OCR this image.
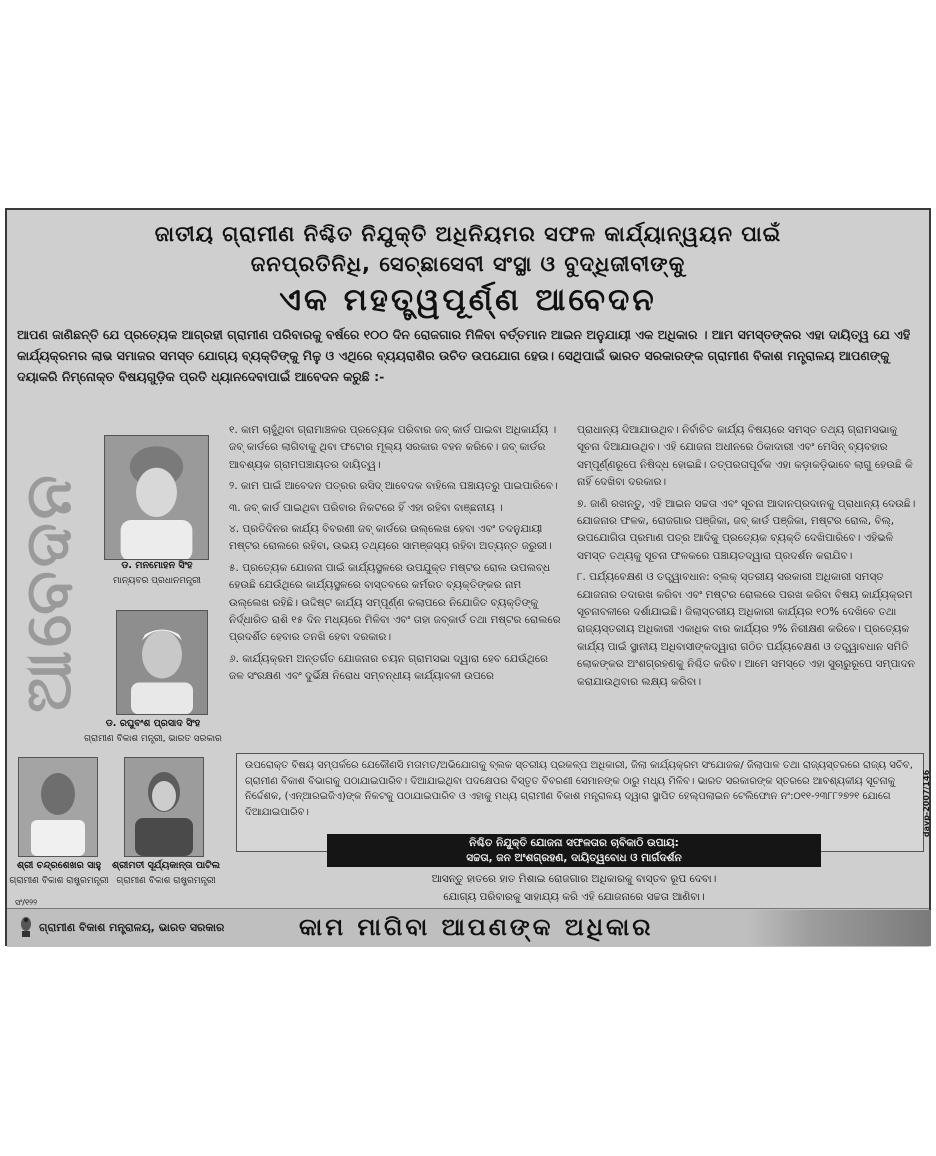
ଜାତୀୟ ଗ୍ରାମୀଣ ନିଶ୍ଚିତ ନିଯୁକ୍ତି ଅଧିନିୟମର ସଫଳ କାର୍ଯ୍ୟାନ୍ୱୟନ ପାଇଁ
ଜନପ୍ରତିନିଧି, ସେଚ୍ଛାସେବୀ ସଂସ୍ଥା ଓ ବୁଦ୍ଧିଜୀବୀଙ୍କୁ
ଏକ ମହତ୍ତ୍ୱପୂର୍ଣ୍ଣ ଆବେଦନ
ଆପଣ ଜାଣିଛନ୍ତି ଯେ ପ୍ରତ୍ୟେକ ଆଗ୍ରହୀ ଗ୍ରାମୀଣ ପରିବାରକୁ ବର୍ଷରେ ୧୦୦ ଦିନ ରୋଜଗାର ମିଳିବା ବର୍ତ୍ତମାନ ଆଇନ ଅନୁଯାୟୀ ଏକ ଅଧିକାର । ଆମ ସମସ୍ତଙ୍କର ଏହା ଦାୟିତ୍ୱ ଯେ ଏହି କାର୍ଯ୍ୟକ୍ରମର ଲାଭ ସମାଜର ସମସ୍ତ ଯୋଗ୍ୟ ବ୍ୟକ୍ତିଙ୍କୁ ମିଳୁ ଓ ଏଥିରେ ବ୍ୟୟରାଶିର ଉଚିତ ଉପଯୋଗ ହେଉ। ସେଥିପାଇଁ ଭାରତ ସରକାରଙ୍କ ଗ୍ରାମୀଣ ବିକାଶ ମନ୍ତ୍ରାଳୟ ଆପଣଙ୍କୁ ଦୟାକରି ନିମ୍ନୋକ୍ତ ବିଷୟଗୁଡ଼ିକ ପ୍ରତି ଧ୍ୟାନଦେବାପାଇଁ ଆବେଦନ କରୁଛି :-
ଆବେଦନ	ଡ. ମନମୋହନ ସିଂହ
ମାନ୍ୟବର ପ୍ରଧାନମନ୍ତ୍ରୀ
ଡ. ରଘୁବଂଶ ପ୍ରସାଦ ସିଂହ
ଗ୍ରାମୀଣ ବିକାଶ ମନ୍ତ୍ରୀ, ଭାରତ ସରକାର
ଶ୍ରୀ ଚନ୍ଦ୍ରଶେଖର ସାହୁ
ଗ୍ରାମୀଣ ବିକାଶ ରାଷ୍ଟ୍ରମନ୍ତ୍ରୀ
ଶ୍ରୀମତୀ ସୂର୍ଯ୍ୟକାନ୍ତା ପାଟିଲ
ଗ୍ରାମୀଣ ବିକାଶ ରାଷ୍ଟ୍ରମନ୍ତ୍ରୀ

୧. କାମ ଚାହୁଁଥିବା ଗ୍ରାମାଞ୍ଚଳର ପ୍ରତ୍ୟେକ ପରିବାର ଜବ୍ କାର୍ଡ ପାଇବା ଅଧିକାର୍ଯ୍ୟ । ଜବ୍ କାର୍ଡରେ ଲାଗିବାକୁ ଥିବା ଫଟୋର ମୂଲ୍ୟ ସରକାର ବହନ କରିବେ। ଜବ୍ କାର୍ଡର ଆବଶ୍ୟକ ଗ୍ରାମପଞ୍ଚାୟତର ଦାୟିତ୍ୱ।

୨. କାମ ପାଇଁ ଆବେଦନ ପତ୍ରର ରସିଦ୍ ଆବେଦକ ବାହିଲେ ପଞ୍ଚାୟତରୁ ପାଇପାରିବେ।

୩. ଜବ୍ କାର୍ଡ ପାଇଥିବା ପରିବାର ନିକଟରେ ହିଁ ଏହା ରହିବା ବାଞ୍ଛନୀୟ ।

୪. ପ୍ରତିଦିନର କାର୍ଯ୍ୟ ବିବରଣୀ ଜବ୍ କାର୍ଡରେ ଉଲ୍ଲେଖ ହେବା ଏବଂ ତଦନୁଯାୟୀ ମଷ୍ଟର ରୋଲରେ ରହିବା, ଉଭୟ ତଥ୍ୟରେ ସାମଞ୍ଜସ୍ୟ ରହିବା ଅତ୍ୟନ୍ତ ଜରୁରୀ।

୫. ପ୍ରତ୍ୟେକ ଯୋଜନା ପାଇଁ କାର୍ଯ୍ୟସ୍ଥଳରେ ଉପଯୁକ୍ତ ମଷ୍ଟର ରୋଲ ଉପଲବ୍ଧ ହେଉଛି ଯେଉଁଥିରେ କାର୍ଯ୍ୟସ୍ଥଳରେ ବାସ୍ତବରେ କର୍ମରତ ବ୍ୟକ୍ତିଙ୍କର ନାମ ଉଲ୍ଲେଖ ରହିଛି। ଉଦ୍ଦିଷ୍ଟ କାର୍ଯ୍ୟ ସମ୍ପୂର୍ଣ୍ଣ କଲାପରେ ନିଯୋଜିତ ବ୍ୟକ୍ତିଙ୍କୁ ନିର୍ଦ୍ଧାରିତ ରାଶି ୧୫ ଦିନ ମଧ୍ୟରେ ମିଳିବା ଏବଂ ତାହା ଜବ୍‌କାର୍ଡ ତଥା ମଷ୍ଟର ରୋଲରେ ପ୍ରଦର୍ଶିତ ହେବାର ତନଖି ହେବା ଦରକାର।

୬. କାର୍ଯ୍ୟକ୍ରମ ଅନ୍ତର୍ଗତ ଯୋଜନାର ଚୟନ ଗ୍ରାମସଭା ଦ୍ୱାରା ହେବ ଯେଉଁଥିରେ ଜଳ ସଂରକ୍ଷଣ ଏବଂ ଦୁର୍ଭିକ୍ଷ ନିରୋଧ ସମ୍ବନ୍ଧୀୟ କାର୍ଯ୍ୟାବଳୀ ଉପରେ

ପ୍ରାଧାନ୍ୟ ଦିଆଯାଉଥିବ। ନିର୍ବାଚିତ କାର୍ଯ୍ୟ ବିଷୟରେ ସମସ୍ତ ତଥ୍ୟ ଗ୍ରାମସଭାକୁ ସୂଚନା ଦିଆଯାଉଥିବ। ଏହି ଯୋଜନା ଅଧୀନରେ ଠିକାଦାରୀ ଏବଂ ମେସିନ୍ ବ୍ୟବହାର ସମ୍ପୂର୍ଣ୍ଣରୂପେ ନିଷିଦ୍ଧ ହୋଇଛି। ତତ୍ପରତାପୂର୍ବକ ଏହା କଡ଼ାକଡ଼ିଭାବେ ଲାଗୁ ହେଉଛି କି ନାହିଁ ଦେଖିବା ଦରକାର।

୭. ଜାଣି ରଖନ୍ତୁ, ଏହି ଆଇନ ସଚ୍ଚତା ଏବଂ ସୂଚନା ଆଦାନପ୍ରଦାନକୁ ପ୍ରାଧାନ୍ୟ ଦେଉଛି। ଯୋଜନାର ଫଳକ, ରୋଜଗାର ପଞ୍ଜିକା, ଜବ୍ କାର୍ଡ ପଞ୍ଜିକା, ମଷ୍ଟର ରୋଲ, ବିଲ୍, ଉପଯୋଗିତା ପ୍ରମାଣ ପତ୍ର ଆଦିକୁ ପ୍ରତ୍ୟେକ ବ୍ୟକ୍ତି ଦେଖିପାରିବେ। ଏହିଭଳି ସମସ୍ତ ତଥ୍ୟକୁ ସୂଚନା ଫଳକରେ ପଞ୍ଚାୟତଦ୍ୱାରା ପ୍ରଦର୍ଶନ କରାଯିବ।

୮. ପର୍ଯ୍ୟବେକ୍ଷଣ ଓ ତତ୍ତ୍ୱାବଧାନ: ବ୍ଲକ୍ ସ୍ତରୀୟ ସରକାରୀ ଅଧିକାରୀ ସମସ୍ତ ଯୋଜନାର ତଦାରଖ କରିବା ଏବଂ ମଷ୍ଟର ରୋଲରେ ପରଖ କରିବା ବିଷୟ କାର୍ଯ୍ୟକ୍ରମ ସୂଚନାବଳୀରେ ଦର୍ଶାଯାଇଛି। ଜିଲାସ୍ତରୀୟ ଅଧିକାରୀ କାର୍ଯ୍ୟର ୧୦% ଦେଖିବେ ତଥା ରାଜ୍ୟସ୍ତରୀୟ ଅଧିକାରୀ ଏକାଧିକ ବାର କାର୍ଯ୍ୟର ୨% ନିରୀକ୍ଷଣ କରିବେ। ପ୍ରତ୍ୟେକ କାର୍ଯ୍ୟ ପାଇଁ ସ୍ଥାନୀୟ ଅଧିବାସୀଙ୍କଦ୍ୱାରା ଗଠିତ ପର୍ଯ୍ୟବେକ୍ଷଣ ଓ ତତ୍ତ୍ୱାବଧାନ ସମିତି ଲୋକଙ୍କର ଅଂଶଗ୍ରହଣକୁ ନିଶ୍ଚିତ କରିବ। ଆମେ ସମସ୍ତେ ଏହା ସୁଚାରୁରୂପେ ସମ୍ପାଦନ କରାଯାଉଥିବାର ଲକ୍ଷ୍ୟ କରିବା।

ଉପରୋକ୍ତ ବିଷୟ ସମ୍ପର୍କରେ ଯେକୌଣସି ମତାମତ/ଅଭିଯୋଗକୁ ବ୍ଲକ ସ୍ତରୀୟ ପ୍ରକଳ୍ପ ଅଧିକାରୀ, ଜିଲା କାର୍ଯ୍ୟକ୍ରମ ସଂଯୋଜକ/ ଜିଲାପାଳ ତଥା ରାଜ୍ୟସ୍ତରରେ ରାଜ୍ୟ ସଚିବ, ଗ୍ରାମୀଣ ବିକାଶ ବିଭାଗକୁ ପଠାଯାଇପାରିବ। ଦିଆଯାଇଥିବା ପଦକ୍ଷେପର ବିସ୍ତୃତ ବିବରଣୀ ସେମାନଙ୍କ ଠାରୁ ମଧ୍ୟ ମିଳିବ। ଭାରତ ସରକାରଙ୍କ ସ୍ତରରେ ଆବଶ୍ୟକୀୟ ସୂଚନାକୁ ନିର୍ଦ୍ଦେଶକ, (ଏନ୍ଆରଇଜିଏ)ଙ୍କ ନିକଟକୁ ପଠାଯାଇପାରିବ ଓ ଏହାକୁ ମଧ୍ୟ ଗ୍ରାମୀଣ ବିକାଶ ମନ୍ତ୍ରାଳୟ ଦ୍ୱାରା ସ୍ଥାପିତ ହେଲ୍ପଲାଇନ ଟେଲିଫୋନ ନଂ:୦୧୧-୨୩୮୮୨୭୨୧ ଯୋଗେ ଦିଆଯାଇପାରିବ।	davp-2007/146
ନିଶ୍ଚିତ ନିଯୁକ୍ତି ଯୋଜନା ସଫଳତାର ଚାବିକାଠି ଉପାୟ:
ସଚ୍ଚତା, ଜନ ଅଂଶଗ୍ରହଣ, ଦାୟିତ୍ୱବୋଧ ଓ ମାର୍ଗଦର୍ଶନ
ଆସନ୍ତୁ ହାତରେ ହାତ ମିଶାଇ ରୋଜଗାର ଅଧିକାରକୁ ବାସ୍ତବ ରୂପ ଦେବା।
ଯୋଗ୍ୟ ପରିବାରକୁ ସାହାଯ୍ୟ କରି ଏହି ଯୋଜନାରେ ସଚ୍ଚତା ଆଣିବା।
ସଂ/୧୨୨
ଗ୍ରାମୀଣ ବିକାଶ ମନ୍ତ୍ରାଳୟ, ଭାରତ ସରକାର	କାମ ମାଗିବା ଆପଣଙ୍କ ଅଧିକାର
